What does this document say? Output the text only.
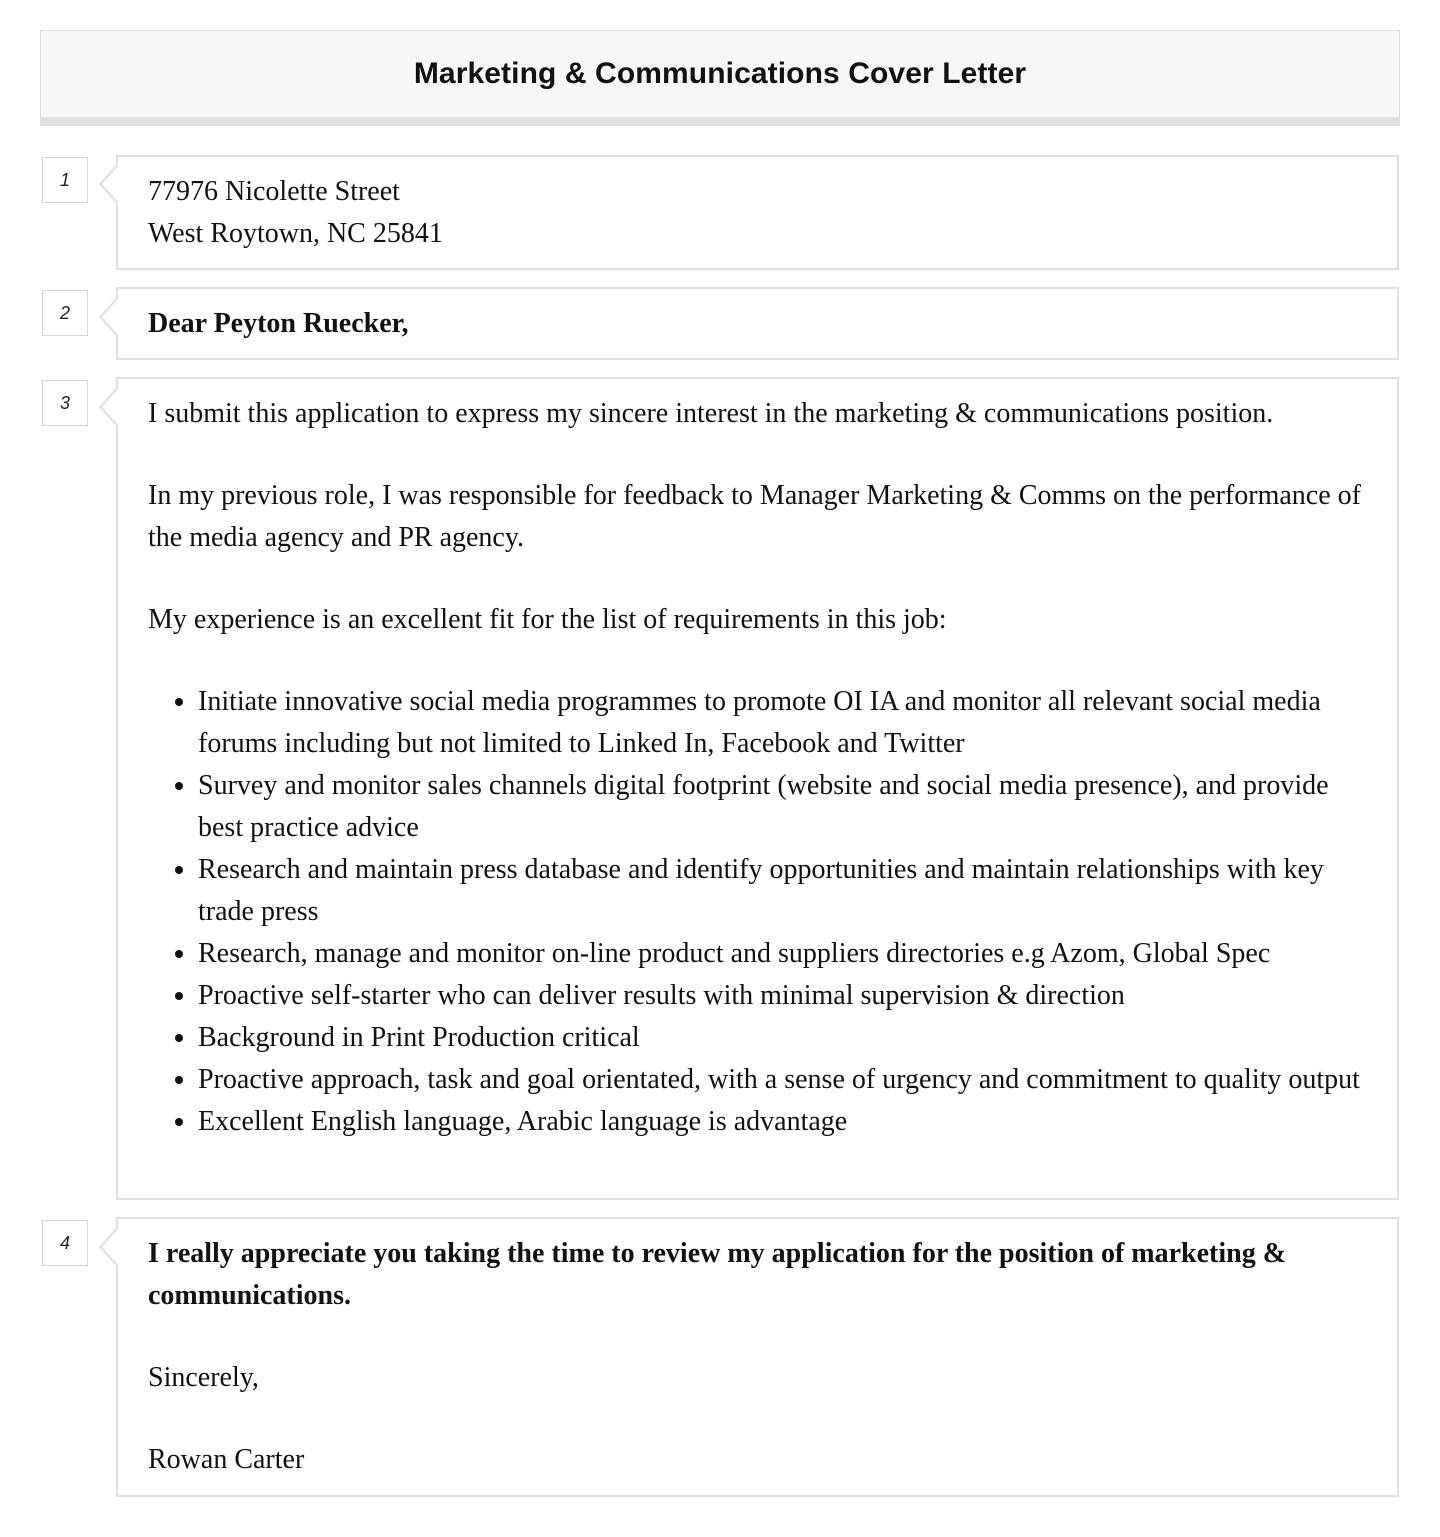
Marketing & Communications Cover Letter
1	77976 Nicolette Street

West Roytown, NC 25841

2	Dear Peyton Ruecker,

3	I submit this application to express my sincere interest in the marketing & communications position.

In my previous role, I was responsible for feedback to Manager Marketing & Comms on the performance of the media agency and PR agency.

My experience is an excellent fit for the list of requirements in this job:

• Initiate innovative social media programmes to promote OI IA and monitor all relevant social media forums including but not limited to Linked In, Facebook and Twitter
• Survey and monitor sales channels digital footprint (website and social media presence), and provide best practice advice
• Research and maintain press database and identify opportunities and maintain relationships with key trade press
• Research, manage and monitor on-line product and suppliers directories e.g Azom, Global Spec
• Proactive self-starter who can deliver results with minimal supervision & direction
• Background in Print Production critical
• Proactive approach, task and goal orientated, with a sense of urgency and commitment to quality output
• Excellent English language, Arabic language is advantage
4	I really appreciate you taking the time to review my application for the position of marketing & communications.

Sincerely,

Rowan Carter
